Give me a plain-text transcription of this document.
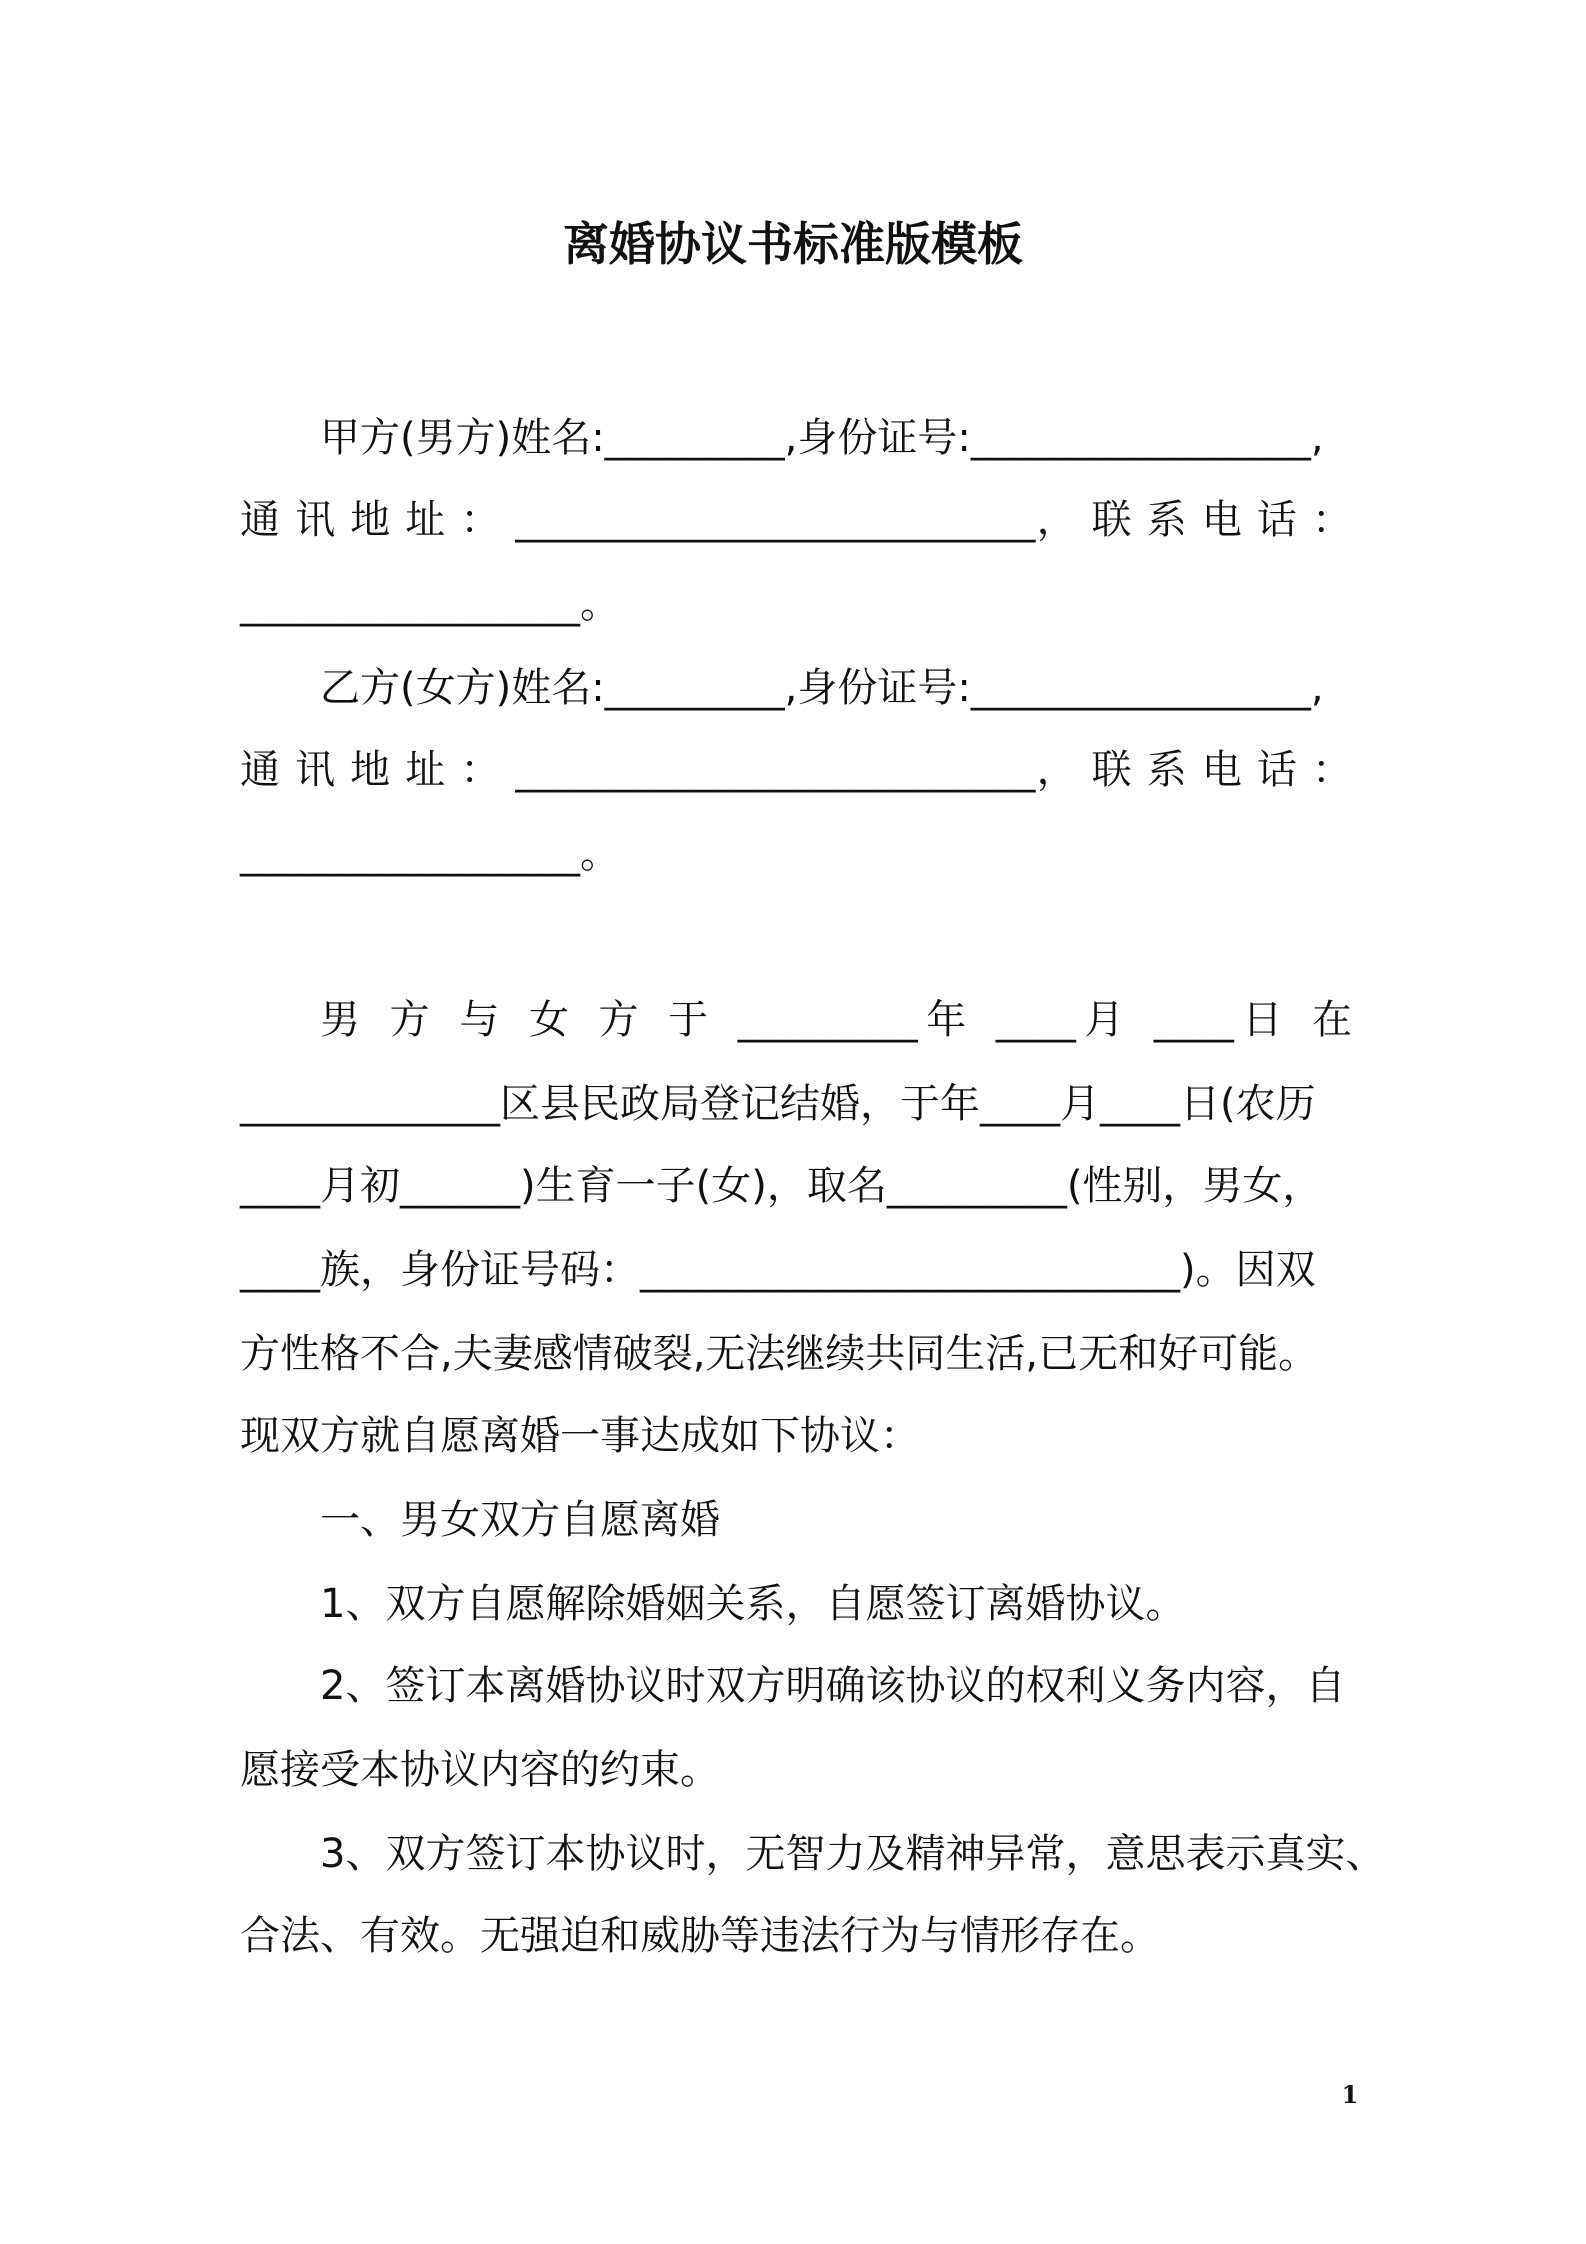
离婚协议书标准版模板
甲方(男方)姓名:_________,身份证号:_________________,
通 讯 地 址 ： __________________________， 联 系 电 话 ：
_________________。
乙方(女方)姓名:_________,身份证号:_________________,
通 讯 地 址 ： __________________________， 联 系 电 话 ：
_________________。
男 方 与 女 方 于 _________年 ____月 ____日 在
_____________区县民政局登记结婚，于年____月____日(农历
____月初______)生育一子(女)，取名_________(性别，男女，
____族，身份证号码：___________________________)。因双
方性格不合,夫妻感情破裂,无法继续共同生活,已无和好可能。
现双方就自愿离婚一事达成如下协议：
一、男女双方自愿离婚
1、双方自愿解除婚姻关系，自愿签订离婚协议。
2、签订本离婚协议时双方明确该协议的权利义务内容，自
愿接受本协议内容的约束。
3、双方签订本协议时，无智力及精神异常，意思表示真实、
合法、有效。无强迫和威胁等违法行为与情形存在。
1
